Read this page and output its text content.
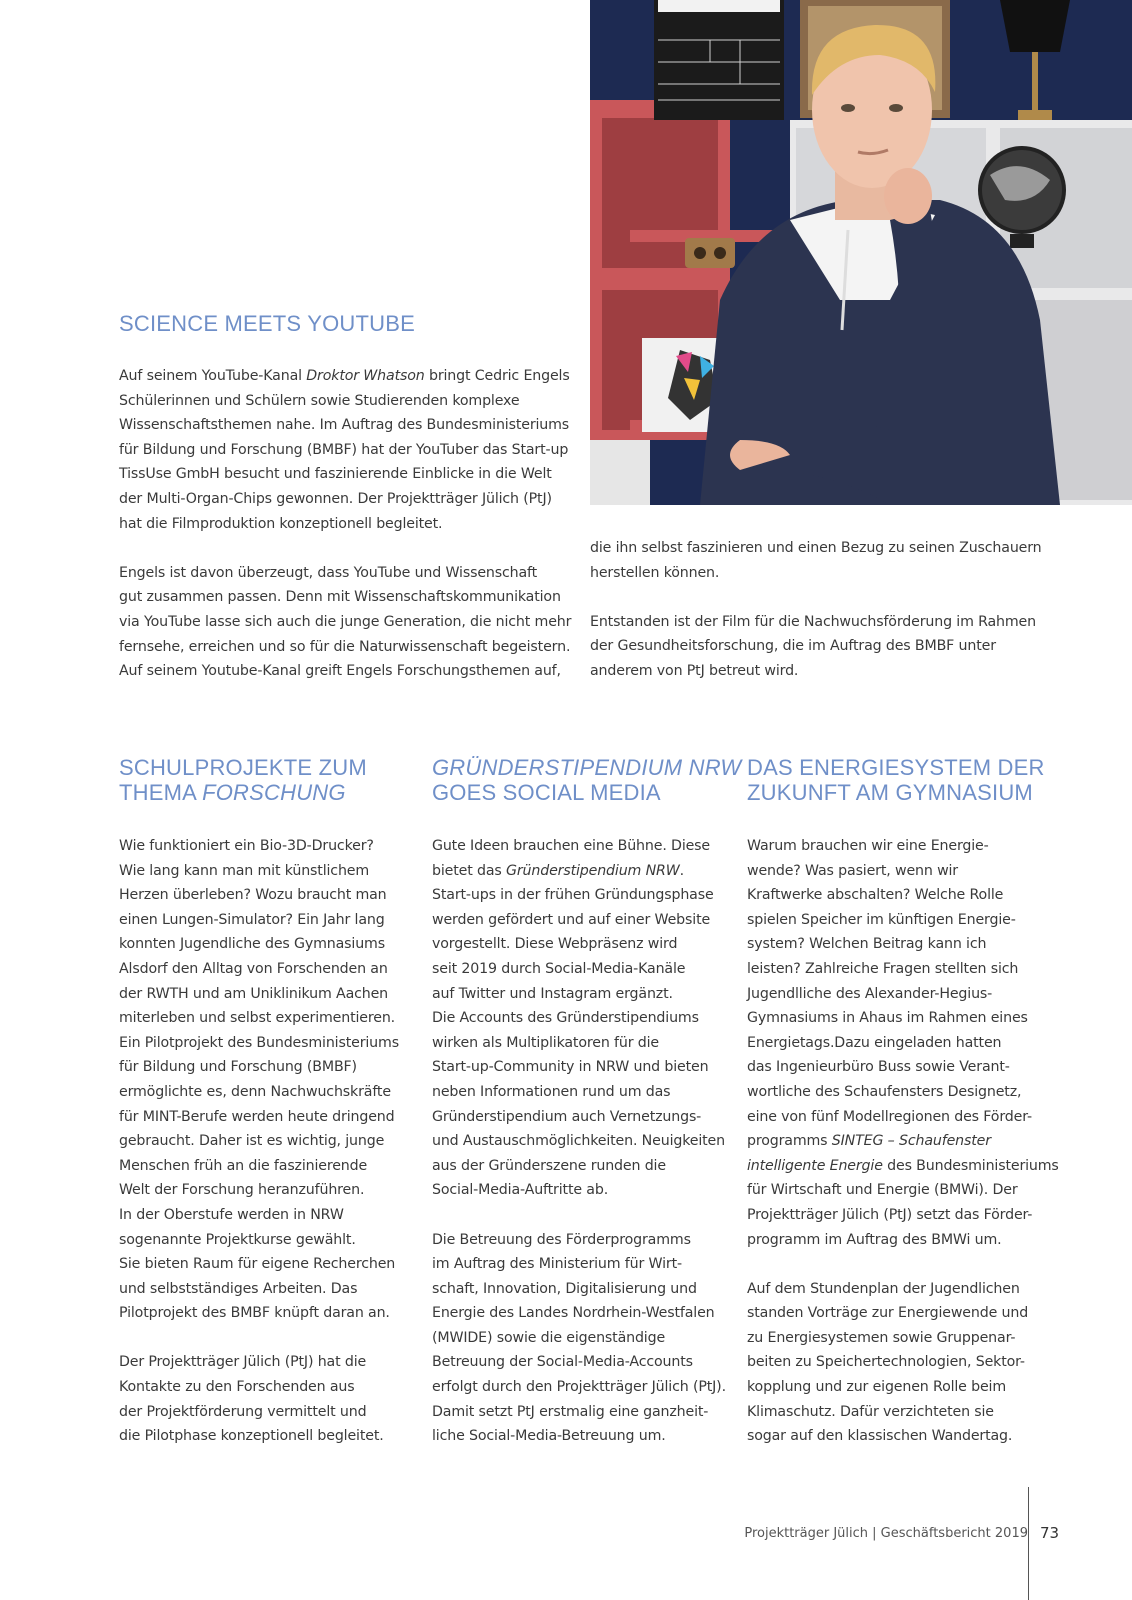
SCIENCE MEETS YOUTUBE

Auf seinem YouTube-Kanal Droktor Whatson bringt Cedric Engels
Schülerinnen und Schülern sowie Studierenden komplexe
Wissenschaftsthemen nahe. Im Auftrag des Bundesministeriums
für Bildung und Forschung (BMBF) hat der YouTuber das Start-up
TissUse GmbH besucht und faszinierende Einblicke in die Welt
der Multi-Organ-Chips gewonnen. Der Projektträger Jülich (PtJ)
hat die Filmproduktion konzeptionell begleitet.

Engels ist davon überzeugt, dass YouTube und Wissenschaft
gut zusammen passen. Denn mit Wissenschaftskommunikation
via YouTube lasse sich auch die junge Generation, die nicht mehr
fernsehe, erreichen und so für die Naturwissenschaft begeistern.
Auf seinem Youtube-Kanal greift Engels Forschungsthemen auf,

die ihn selbst faszinieren und einen Bezug zu seinen Zuschauern
herstellen können.

Entstanden ist der Film für die Nachwuchsförderung im Rahmen
der Gesundheitsforschung, die im Auftrag des BMBF unter
anderem von PtJ betreut wird.

SCHULPROJEKTE ZUM
THEMA FORSCHUNG

Wie funktioniert ein Bio-3D-Drucker?
Wie lang kann man mit künstlichem
Herzen überleben? Wozu braucht man
einen Lungen-Simulator? Ein Jahr lang
konnten Jugendliche des Gymnasiums
Alsdorf den Alltag von Forschenden an
der RWTH und am Uniklinikum Aachen
miterleben und selbst experimentieren.
Ein Pilotprojekt des Bundesministeriums
für Bildung und Forschung (BMBF)
ermöglichte es, denn Nachwuchskräfte
für MINT-Berufe werden heute dringend
gebraucht. Daher ist es wichtig, junge
Menschen früh an die faszinierende
Welt der Forschung heranzuführen.
In der Oberstufe werden in NRW
sogenannte Projektkurse gewählt.
Sie bieten Raum für eigene Recherchen
und selbstständiges Arbeiten. Das
Pilotprojekt des BMBF knüpft daran an.

Der Projektträger Jülich (PtJ) hat die
Kontakte zu den Forschenden aus
der Projektförderung vermittelt und
die Pilotphase konzeptionell begleitet.

GRÜNDERSTIPENDIUM NRW
GOES SOCIAL MEDIA

Gute Ideen brauchen eine Bühne. Diese
bietet das Gründerstipendium NRW.
Start-ups in der frühen Gründungsphase
werden gefördert und auf einer Website
vorgestellt. Diese Webpräsenz wird
seit 2019 durch Social-Media-Kanäle
auf Twitter und Instagram ergänzt.
Die Accounts des Gründerstipendiums
wirken als Multiplikatoren für die
Start-up-Community in NRW und bieten
neben Informationen rund um das
Gründerstipendium auch Vernetzungs-
und Austauschmöglichkeiten. Neuigkeiten
aus der Gründerszene runden die
Social-Media-Auftritte ab.

Die Betreuung des Förderprogramms
im Auftrag des Ministerium für Wirt-
schaft, Innovation, Digitalisierung und
Energie des Landes Nordrhein-Westfalen
(MWIDE) sowie die eigenständige
Betreuung der Social-Media-Accounts
erfolgt durch den Projektträger Jülich (PtJ).
Damit setzt PtJ erstmalig eine ganzheit-
liche Social-Media-Betreuung um.

DAS ENERGIESYSTEM DER
ZUKUNFT AM GYMNASIUM

Warum brauchen wir eine Energie-
wende? Was pasiert, wenn wir
Kraftwerke abschalten? Welche Rolle
spielen Speicher im künftigen Energie-
system? Welchen Beitrag kann ich
leisten? Zahlreiche Fragen stellten sich
Jugendlliche des Alexander-Hegius-
Gymnasiums in Ahaus im Rahmen eines
Energietags.Dazu eingeladen hatten
das Ingenieurbüro Buss sowie Verant-
wortliche des Schaufensters Designetz,
eine von fünf Modellregionen des Förder-
programms SINTEG – Schaufenster
intelligente Energie des Bundesministeriums
für Wirtschaft und Energie (BMWi). Der
Projektträger Jülich (PtJ) setzt das Förder-
programm im Auftrag des BMWi um.

Auf dem Stundenplan der Jugendlichen
standen Vorträge zur Energiewende und
zu Energiesystemen sowie Gruppenar-
beiten zu Speichertechnologien, Sektor-
kopplung und zur eigenen Rolle beim
Klimaschutz. Dafür verzichteten sie
sogar auf den klassischen Wandertag.

Projektträger Jülich | Geschäftsbericht 2019 73
